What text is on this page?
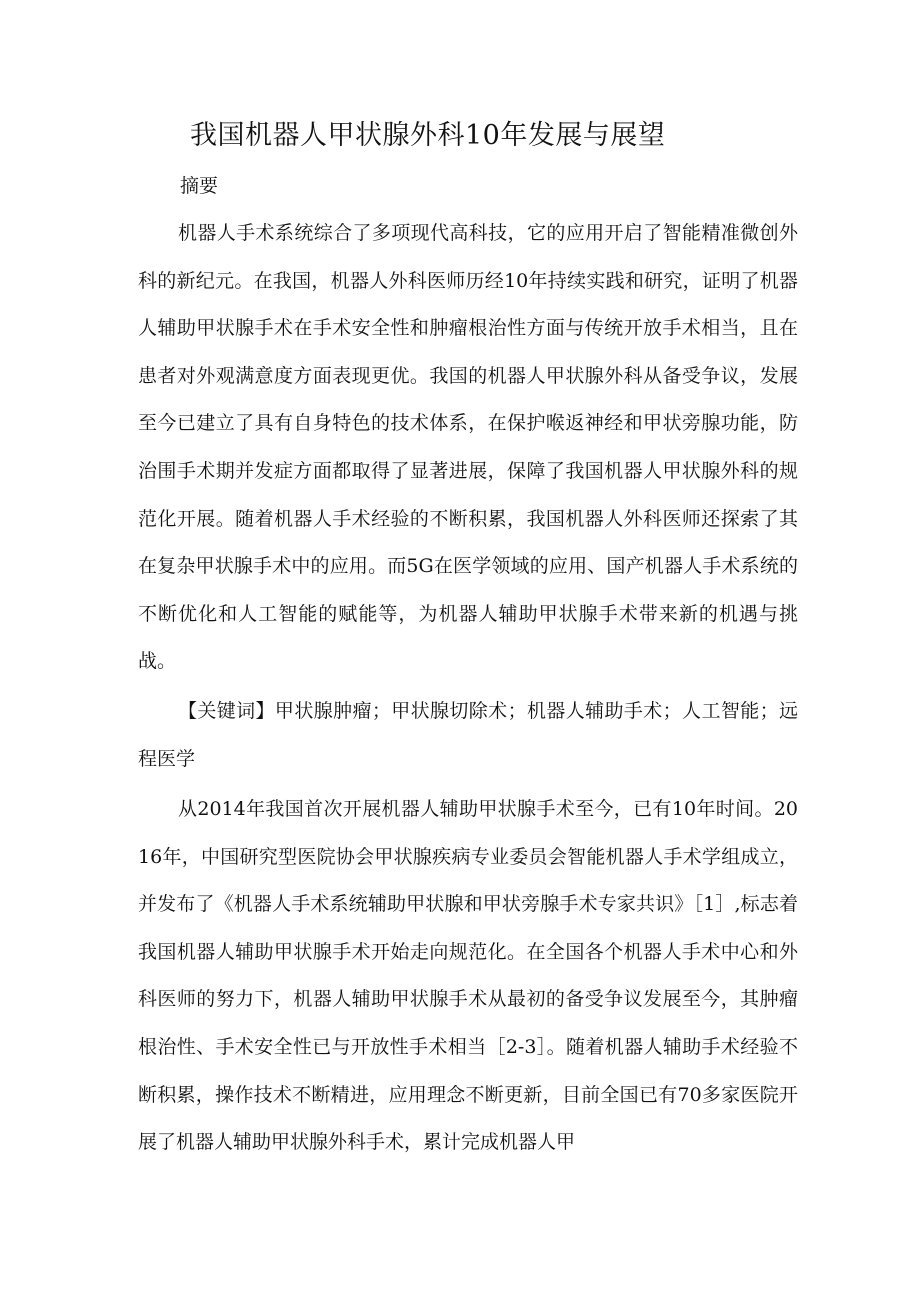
我国机器人甲状腺外科10年发展与展望
摘要

机器人手术系统综合了多项现代高科技，它的应用开启了智能精准微创外科的新纪元。在我国，机器人外科医师历经10年持续实践和研究，证明了机器人辅助甲状腺手术在手术安全性和肿瘤根治性方面与传统开放手术相当，且在患者对外观满意度方面表现更优。我国的机器人甲状腺外科从备受争议，发展至今已建立了具有自身特色的技术体系，在保护喉返神经和甲状旁腺功能，防治围手术期并发症方面都取得了显著进展，保障了我国机器人甲状腺外科的规范化开展。随着机器人手术经验的不断积累，我国机器人外科医师还探索了其在复杂甲状腺手术中的应用。而5G在医学领域的应用、国产机器人手术系统的不断优化和人工智能的赋能等，为机器人辅助甲状腺手术带来新的机遇与挑战。

【关键词】甲状腺肿瘤；甲状腺切除术；机器人辅助手术；人工智能；远程医学

从2014年我国首次开展机器人辅助甲状腺手术至今，已有10年时间。2016年，中国研究型医院协会甲状腺疾病专业委员会智能机器人手术学组成立，并发布了《机器人手术系统辅助甲状腺和甲状旁腺手术专家共识》［1］,标志着我国机器人辅助甲状腺手术开始走向规范化。在全国各个机器人手术中心和外科医师的努力下，机器人辅助甲状腺手术从最初的备受争议发展至今，其肿瘤根治性、手术安全性已与开放性手术相当［2-3］。随着机器人辅助手术经验不断积累，操作技术不断精进，应用理念不断更新，目前全国已有70多家医院开展了机器人辅助甲状腺外科手术，累计完成机器人甲
